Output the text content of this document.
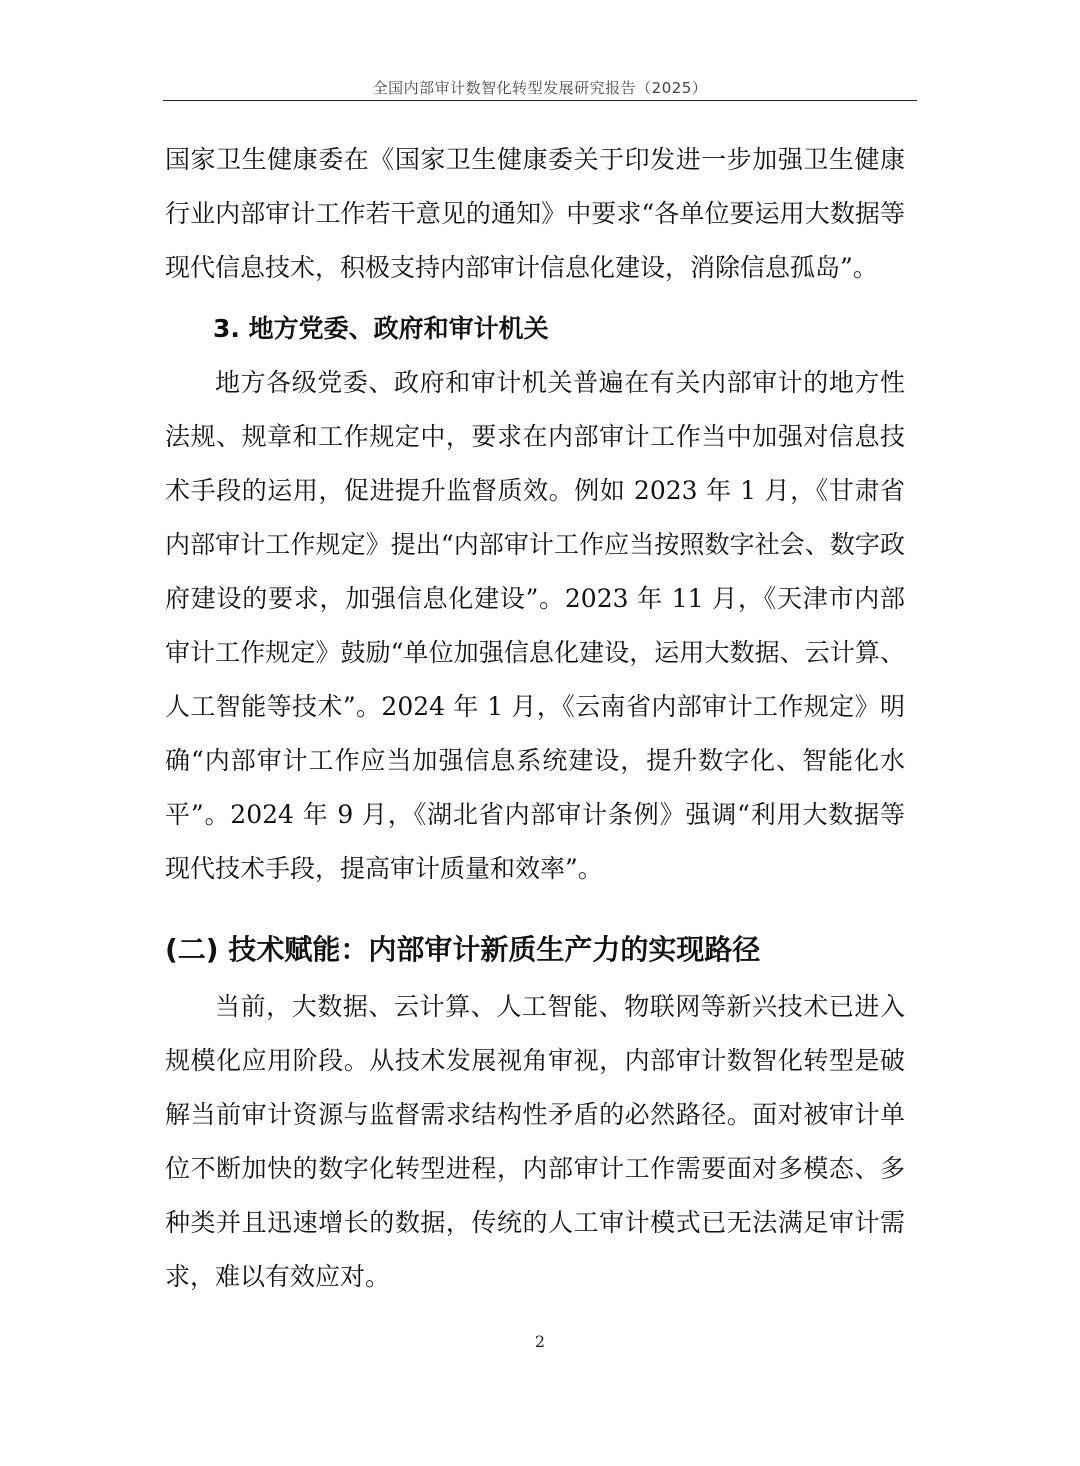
全国内部审计数智化转型发展研究报告（2025）

国家卫生健康委在《国家卫生健康委关于印发进一步加强卫生健康行业内部审计工作若干意见的通知》中要求“各单位要运用大数据等现代信息技术，积极支持内部审计信息化建设，消除信息孤岛”。

3. 地方党委、政府和审计机关

地方各级党委、政府和审计机关普遍在有关内部审计的地方性法规、规章和工作规定中，要求在内部审计工作当中加强对信息技术手段的运用，促进提升监督质效。例如 2023 年 1 月，《甘肃省内部审计工作规定》提出“内部审计工作应当按照数字社会、数字政府建设的要求，加强信息化建设”。2023 年 11 月，《天津市内部审计工作规定》鼓励“单位加强信息化建设，运用大数据、云计算、人工智能等技术”。2024 年 1 月，《云南省内部审计工作规定》明确“内部审计工作应当加强信息系统建设，提升数字化、智能化水平”。2024 年 9 月，《湖北省内部审计条例》强调“利用大数据等现代技术手段，提高审计质量和效率”。

(二) 技术赋能：内部审计新质生产力的实现路径

当前，大数据、云计算、人工智能、物联网等新兴技术已进入规模化应用阶段。从技术发展视角审视，内部审计数智化转型是破解当前审计资源与监督需求结构性矛盾的必然路径。面对被审计单位不断加快的数字化转型进程，内部审计工作需要面对多模态、多种类并且迅速增长的数据，传统的人工审计模式已无法满足审计需求，难以有效应对。

2
